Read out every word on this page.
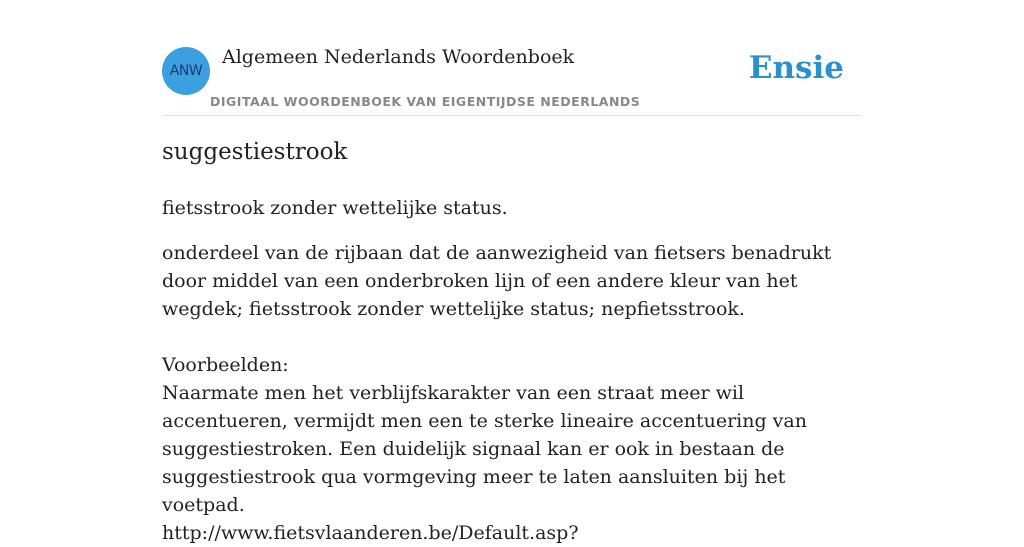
ANW
Algemeen Nederlands Woordenboek
DIGITAAL WOORDENBOEK VAN EIGENTIJDSE NEDERLANDS
Ensie
suggestiestrook
fietsstrook zonder wettelijke status.
onderdeel van de rijbaan dat de aanwezigheid van fietsers benadrukt door middel van een onderbroken lijn of een andere kleur van het wegdek; fietsstrook zonder wettelijke status; nepfietsstrook.

Voorbeelden:
Naarmate men het verblijfskarakter van een straat meer wil accentueren, vermijdt men een te sterke lineaire accentuering van suggestiestroken. Een duidelijk signaal kan er ook in bestaan de suggestiestrook qua vormgeving meer te laten aansluiten bij het voetpad.
http://www.fietsvlaanderen.be/Default.asp?
